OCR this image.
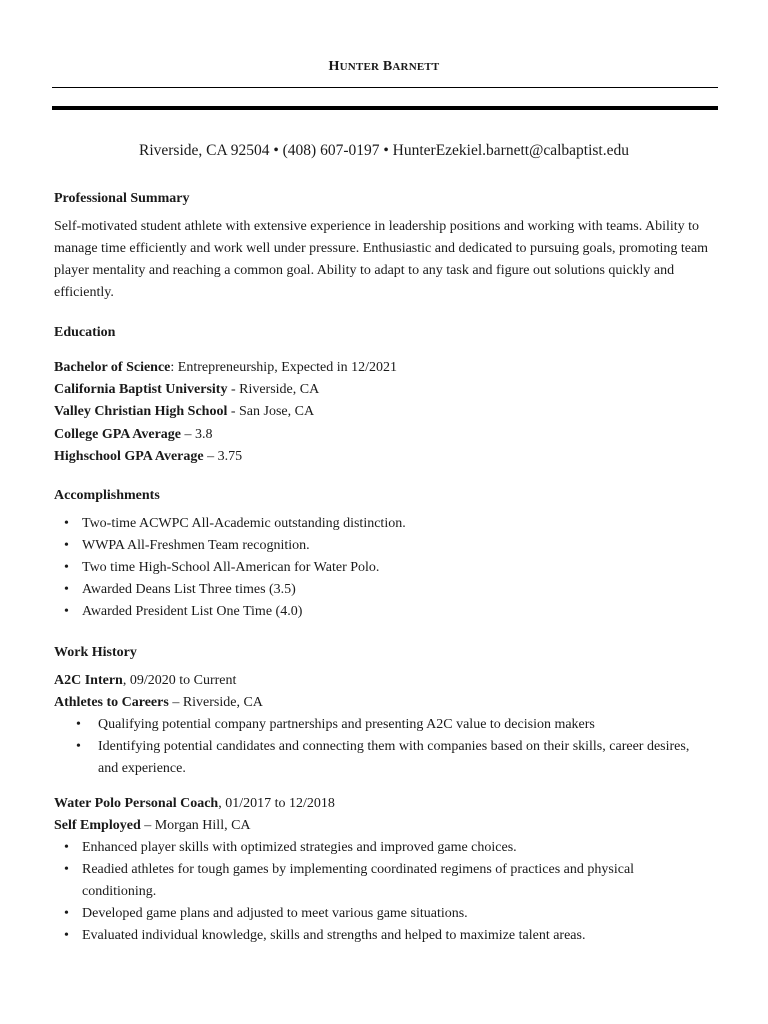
HUNTER BARNETT
Riverside, CA 92504 • (408) 607-0197 • HunterEzekiel.barnett@calbaptist.edu
Professional Summary
Self-motivated student athlete with extensive experience in leadership positions and working with teams. Ability to manage time efficiently and work well under pressure. Enthusiastic and dedicated to pursuing goals, promoting team player mentality and reaching a common goal. Ability to adapt to any task and figure out solutions quickly and efficiently.
Education
Bachelor of Science: Entrepreneurship, Expected in 12/2021
California Baptist University - Riverside, CA
Valley Christian High School - San Jose, CA
College GPA Average – 3.8
Highschool GPA Average – 3.75
Accomplishments
• Two-time ACWPC All-Academic outstanding distinction.
• WWPA All-Freshmen Team recognition.
• Two time High-School All-American for Water Polo.
• Awarded Deans List Three times (3.5)
• Awarded President List One Time (4.0)
Work History
A2C Intern, 09/2020 to Current
Athletes to Careers – Riverside, CA
• Qualifying potential company partnerships and presenting A2C value to decision makers
• Identifying potential candidates and connecting them with companies based on their skills, career desires, and experience.
Water Polo Personal Coach, 01/2017 to 12/2018
Self Employed – Morgan Hill, CA
• Enhanced player skills with optimized strategies and improved game choices.
• Readied athletes for tough games by implementing coordinated regimens of practices and physical conditioning.
• Developed game plans and adjusted to meet various game situations.
• Evaluated individual knowledge, skills and strengths and helped to maximize talent areas.
